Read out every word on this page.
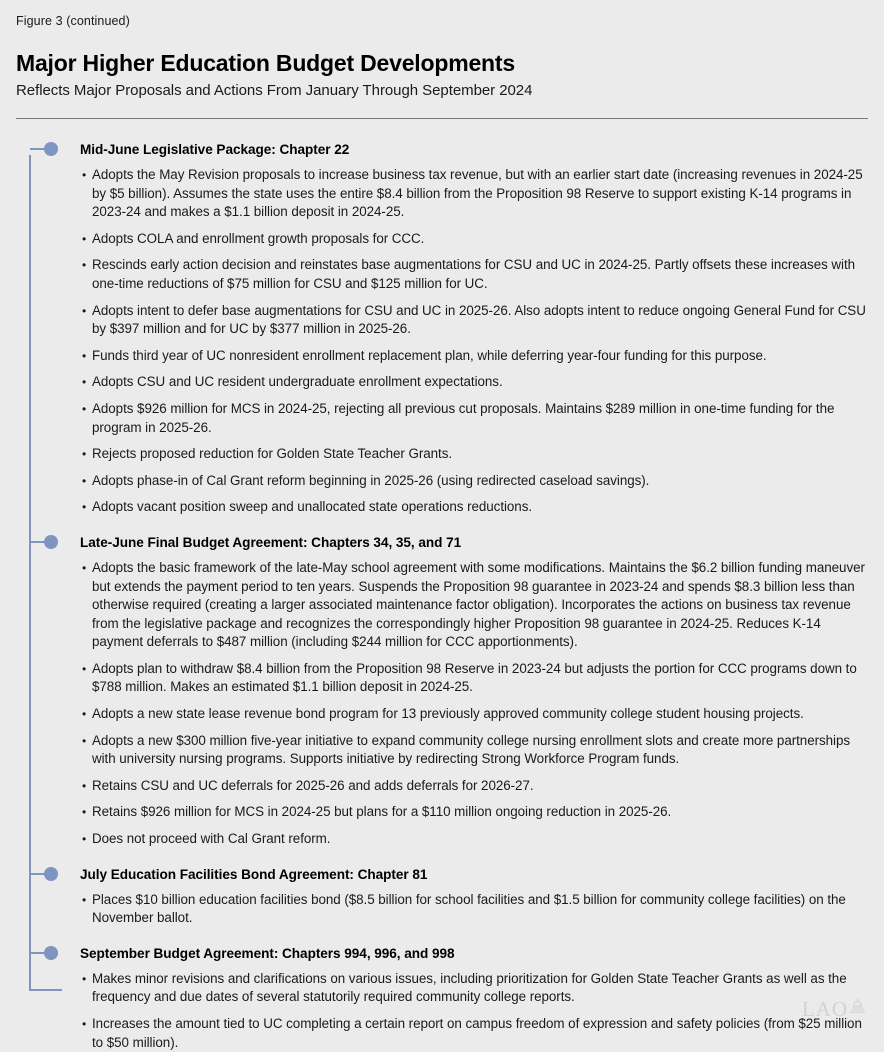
Figure 3 (continued)
Major Higher Education Budget Developments
Reflects Major Proposals and Actions From January Through September 2024
Mid-June Legislative Package: Chapter 22
• Adopts the May Revision proposals to increase business tax revenue, but with an earlier start date (increasing revenues in 2024-25 by $5 billion). Assumes the state uses the entire $8.4 billion from the Proposition 98 Reserve to support existing K-14 programs in 2023-24 and makes a $1.1 billion deposit in 2024-25.
• Adopts COLA and enrollment growth proposals for CCC.
• Rescinds early action decision and reinstates base augmentations for CSU and UC in 2024-25. Partly offsets these increases with one-time reductions of $75 million for CSU and $125 million for UC.
• Adopts intent to defer base augmentations for CSU and UC in 2025-26. Also adopts intent to reduce ongoing General Fund for CSU by $397 million and for UC by $377 million in 2025-26.
• Funds third year of UC nonresident enrollment replacement plan, while deferring year-four funding for this purpose.
• Adopts CSU and UC resident undergraduate enrollment expectations.
• Adopts $926 million for MCS in 2024-25, rejecting all previous cut proposals. Maintains $289 million in one-time funding for the program in 2025-26.
• Rejects proposed reduction for Golden State Teacher Grants.
• Adopts phase-in of Cal Grant reform beginning in 2025-26 (using redirected caseload savings).
• Adopts vacant position sweep and unallocated state operations reductions.
Late-June Final Budget Agreement: Chapters 34, 35, and 71
• Adopts the basic framework of the late-May school agreement with some modifications. Maintains the $6.2 billion funding maneuver but extends the payment period to ten years. Suspends the Proposition 98 guarantee in 2023-24 and spends $8.3 billion less than otherwise required (creating a larger associated maintenance factor obligation). Incorporates the actions on business tax revenue from the legislative package and recognizes the correspondingly higher Proposition 98 guarantee in 2024-25. Reduces K-14 payment deferrals to $487 million (including $244 million for CCC apportionments).
• Adopts plan to withdraw $8.4 billion from the Proposition 98 Reserve in 2023-24 but adjusts the portion for CCC programs down to $788 million. Makes an estimated $1.1 billion deposit in 2024-25.
• Adopts a new state lease revenue bond program for 13 previously approved community college student housing projects.
• Adopts a new $300 million five-year initiative to expand community college nursing enrollment slots and create more partnerships with university nursing programs. Supports initiative by redirecting Strong Workforce Program funds.
• Retains CSU and UC deferrals for 2025-26 and adds deferrals for 2026-27.
• Retains $926 million for MCS in 2024-25 but plans for a $110 million ongoing reduction in 2025-26.
• Does not proceed with Cal Grant reform.
July Education Facilities Bond Agreement: Chapter 81
• Places $10 billion education facilities bond ($8.5 billion for school facilities and $1.5 billion for community college facilities) on the November ballot.
September Budget Agreement: Chapters 994, 996, and 998
• Makes minor revisions and clarifications on various issues, including prioritization for Golden State Teacher Grants as well as the frequency and due dates of several statutorily required community college reports.
• Increases the amount tied to UC completing a certain report on campus freedom of expression and safety policies (from $25 million to $50 million).
LAO
